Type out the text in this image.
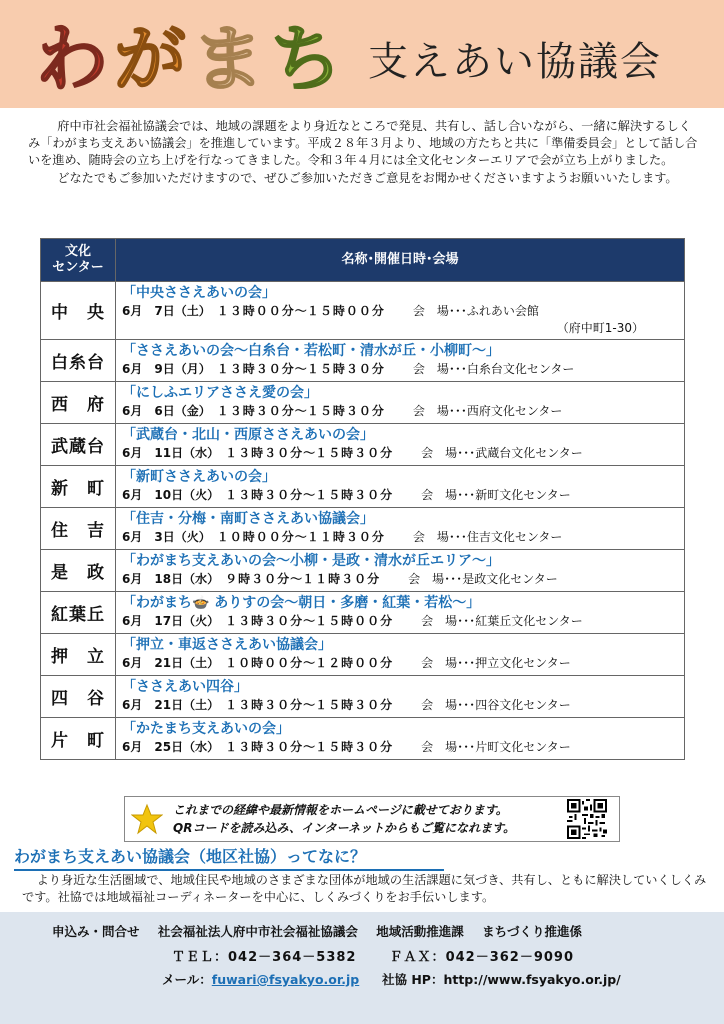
わ が ま ち 支えあい協議会

府中市社会福祉協議会では、地域の課題をより身近なところで発見、共有し、話し合いながら、一緒に解決するしくみ「わがまち支えあい協議会」を推進しています。平成２８年３月より、地域の方たちと共に「準備委員会」として話し合いを進め、随時会の立ち上げを行なってきました。令和３年４月には全文化センターエリアで会が立ち上がりました。

どなたでもご参加いただけますので、ぜひご参加いただきご意見をお聞かせくださいますようお願いいたします。

文化
センター	名称･開催日時･会場
中　央	「中央ささえあいの会」
6月　7日（土）　１３時００分～１５時００分 会　場･･･ふれあい会館
（府中町1-30）

白糸台	「ささえあいの会～白糸台・若松町・清水が丘・小柳町～」
6月　9日（月）　１３時３０分～１５時３０分 会　場･･･白糸台文化センター

西　府	「にしふエリアささえ愛の会」
6月　6日（金）　１３時３０分～１５時３０分 会　場･･･西府文化センター

武蔵台	「武蔵台・北山・西原ささえあいの会」
6月　11日（水）　１３時３０分～１５時３０分 会　場･･･武蔵台文化センター

新　町	「新町ささえあいの会」
6月　10日（火）　１３時３０分～１５時３０分 会　場･･･新町文化センター

住　吉	「住吉・分梅・南町ささえあい協議会」
6月　3日（火）　１０時００分～１１時３０分 会　場･･･住吉文化センター

是　政	「わがまち支えあいの会～小柳・是政・清水が丘エリア～」
6月　18日（水）　９時３０分～１１時３０分 会　場･･･是政文化センター

紅葉丘	「わがまち🍲 ありすの会～朝日・多磨・紅葉・若松～」
6月　17日（火）　１３時３０分～１５時００分 会　場･･･紅葉丘文化センター

押　立	「押立・車返ささえあい協議会」
6月　21日（土）　１０時００分～１２時００分 会　場･･･押立文化センター

四　谷	「ささえあい四谷」
6月　21日（土）　１３時３０分～１５時３０分 会　場･･･四谷文化センター

片　町	「かたまち支えあいの会」
6月　25日（水）　１３時３０分～１５時３０分 会　場･･･片町文化センター
これまでの経緯や最新情報をホームページに載せております。
QRコードを読み込み、インターネットからもご覧になれます。
わがまち支えあい協議会（地区社協）ってなに？

より身近な生活圏域で、地域住民や地域のさまざまな団体が地域の生活課題に気づき、共有し、ともに解決していくしくみです。社協では地域福祉コーディネーターを中心に、しくみづくりをお手伝いします。

申込み・問合せ 社会福祉法人府中市社会福祉協議会 地域活動推進課 まちづくり推進係
ＴＥＬ：042－364－5382	ＦＡＸ：042－362－9090
メール：fuwari@fsyakyo.or.jp 社協 HP：http://www.fsyakyo.or.jp/
